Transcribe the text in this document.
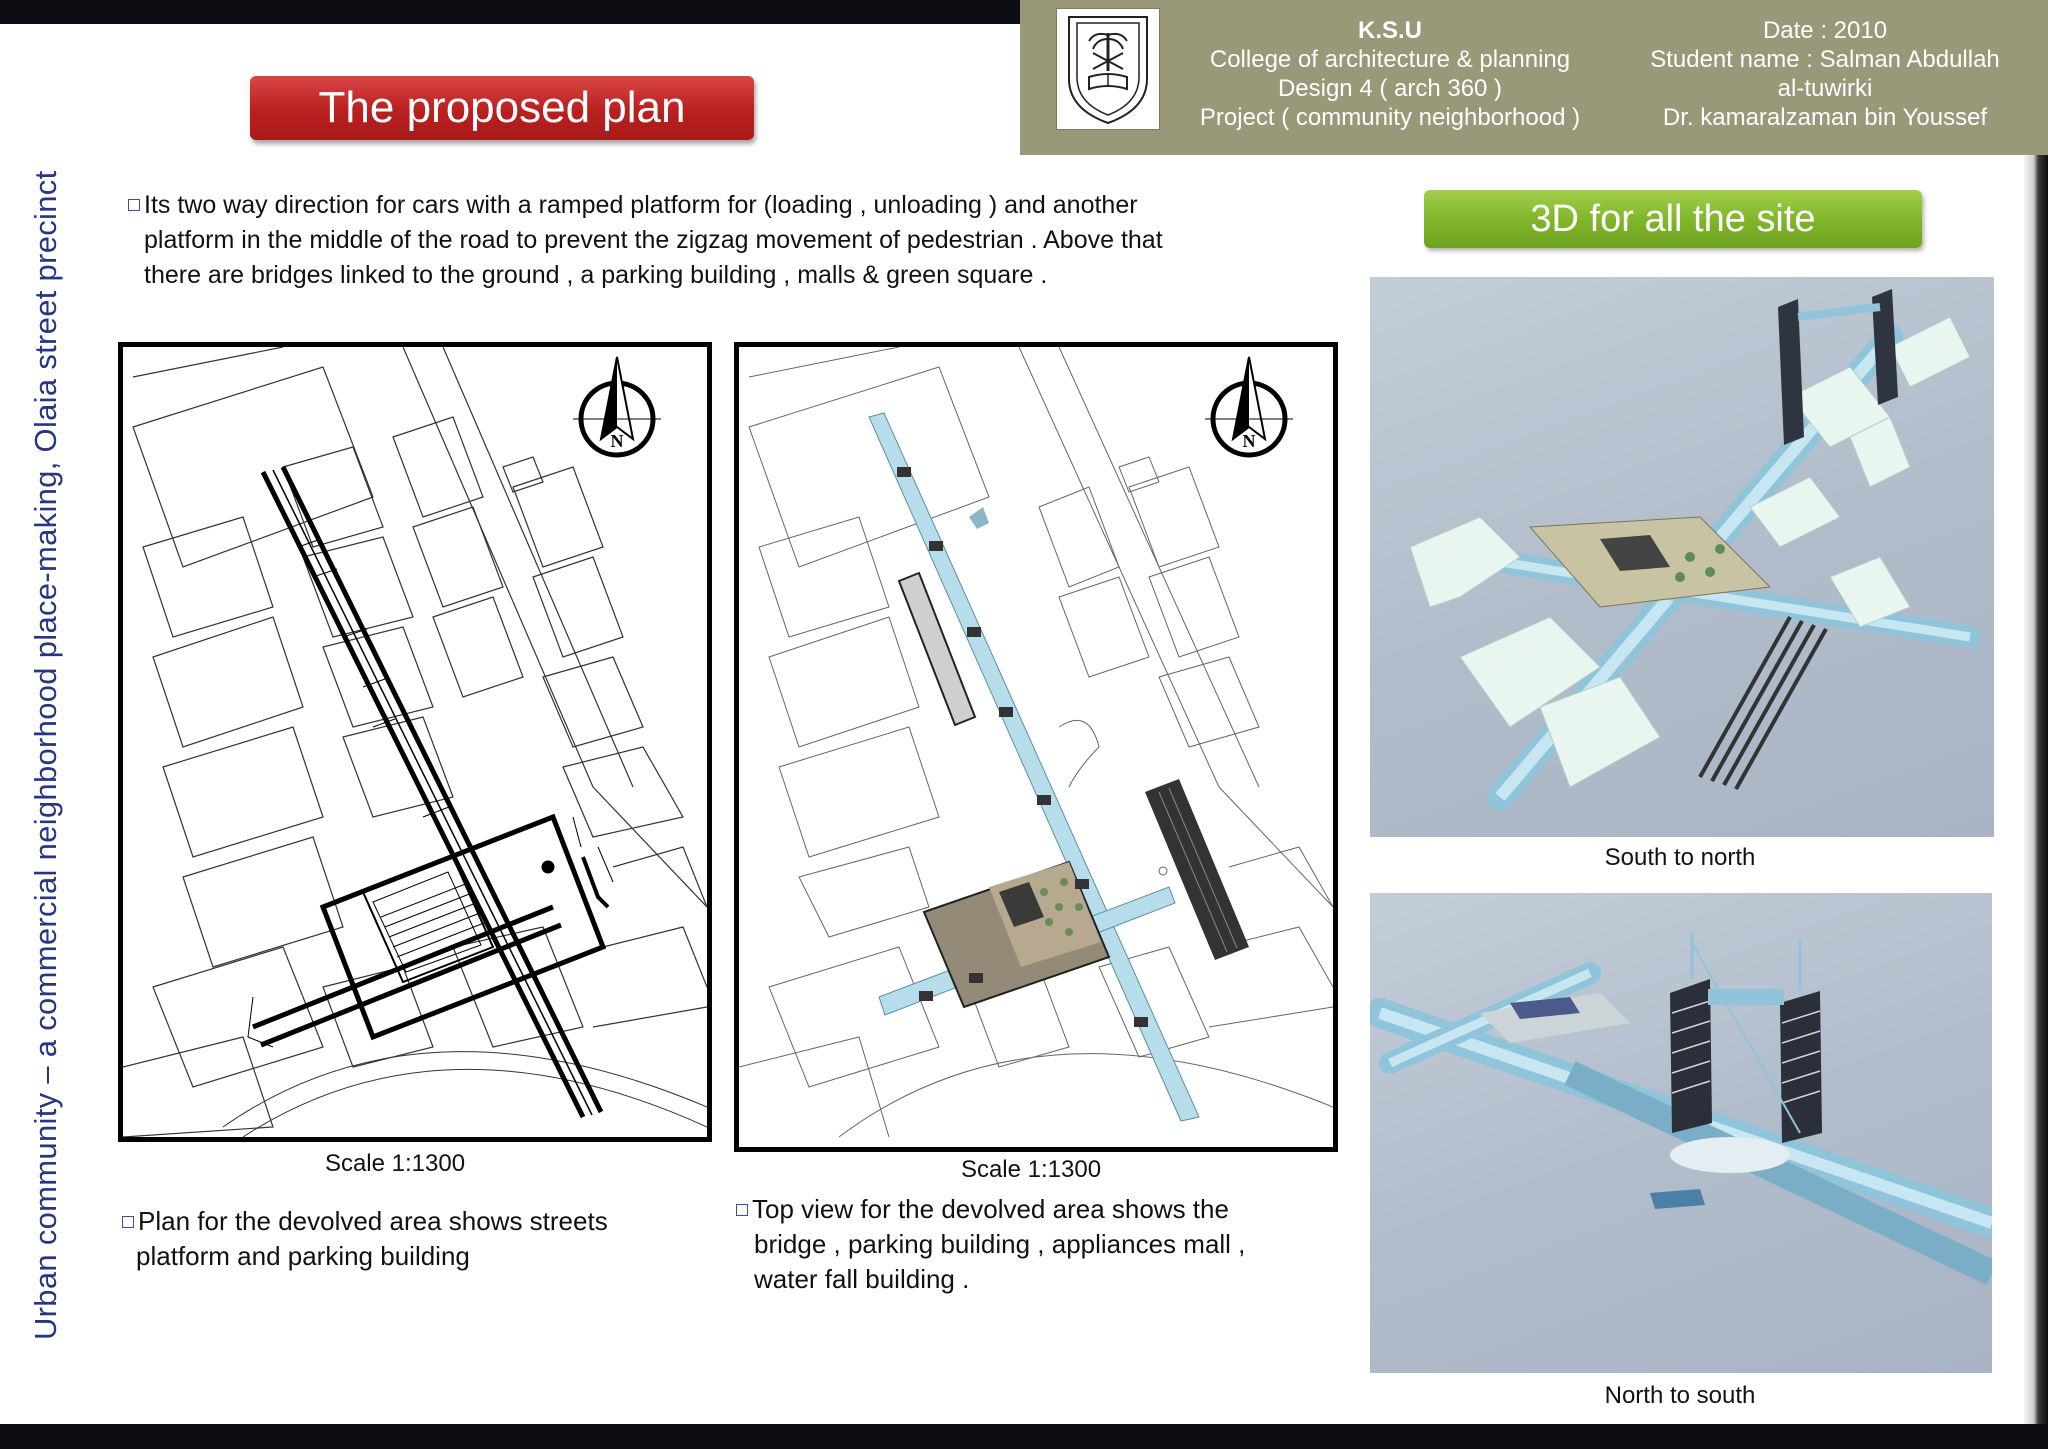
K.S.U
College of architecture & planning
Design 4 ( arch 360 )
Project ( community neighborhood )
Date : 2010
Student name : Salman Abdullah
al-tuwirki
Dr. kamaralzaman bin Youssef
Urban community – a commercial neighborhood place-making, Olaia street precinct
The proposed plan
3D for all the site
Its two way direction for cars with a ramped platform for (loading , unloading ) and another
platform in the middle of the road to prevent the zigzag movement of pedestrian . Above that
there are bridges linked to the ground , a parking building , malls & green square .
N
Scale 1:1300
Plan for the devolved area shows streets
platform and parking building
N
Scale 1:1300
Top view for the devolved area shows the
bridge , parking building , appliances mall ,
water fall building .
South to north
North to south
